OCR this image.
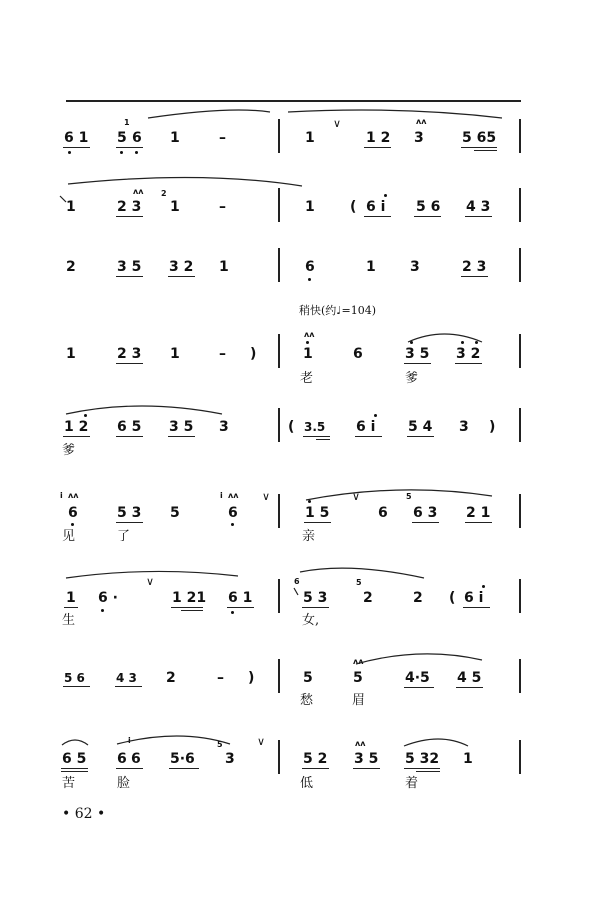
6 1
1
5 6 1	–	1
∨
1 2
ʌʌ
3	5 65
1	2 3
ʌʌ 2
1	–	1	( 6 i 5 6 4 3
2	3 5 3 2 1	6	1 3	2 3
稍快(约♩=104)
1	2 3 1	– )
ʌʌ
1	6	3 5 3 2
老	爹
1 2 6 5 3 5 3	( 3.5 6 i 5 4 3 )
爹
i ʌʌ
6	5 3 5
i ʌʌ
6
∨
1 5
∨
6
5
6 3 2 1
见	了	亲
1 6 ·
∨
1 21 6 1
6
5 3
5
2	2 ( 6 i
生	女,
5 6	4 3 2	– )	5
ʌʌ
5	4·5 4 5
愁	眉
6 5
i
6 6 5·6
5
3
∨
5 2
ʌʌ
3 5 5 32 1
苦	脸	低	着
• 62 •
